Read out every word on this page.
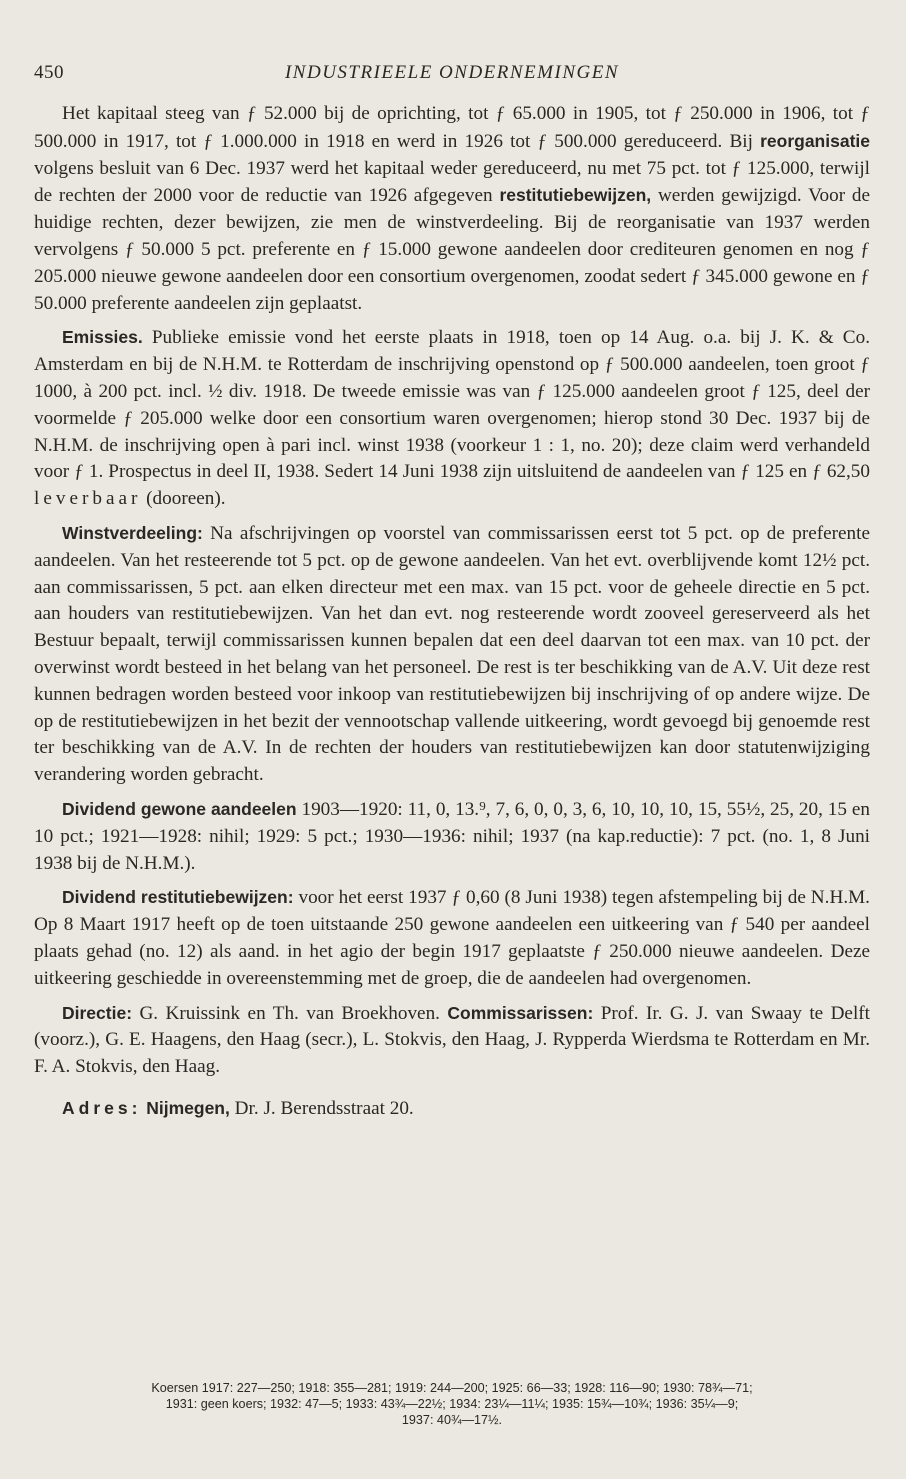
450	INDUSTRIEELE ONDERNEMINGEN

Het kapitaal steeg van ƒ 52.000 bij de oprichting, tot ƒ 65.000 in 1905, tot ƒ 250.000 in 1906, tot ƒ 500.000 in 1917, tot ƒ 1.000.000 in 1918 en werd in 1926 tot ƒ 500.000 gereduceerd. Bij reorganisatie volgens besluit van 6 Dec. 1937 werd het kapitaal weder gereduceerd, nu met 75 pct. tot ƒ 125.000, terwijl de rechten der 2000 voor de reductie van 1926 afgegeven restitutiebewijzen, werden gewijzigd. Voor de huidige rechten, dezer bewijzen, zie men de winstverdeeling. Bij de reorganisatie van 1937 werden vervolgens ƒ 50.000 5 pct. preferente en ƒ 15.000 gewone aandeelen door crediteuren genomen en nog ƒ 205.000 nieuwe gewone aandeelen door een consortium overgenomen, zoodat sedert ƒ 345.000 gewone en ƒ 50.000 preferente aandeelen zijn geplaatst.

Emissies. Publieke emissie vond het eerste plaats in 1918, toen op 14 Aug. o.a. bij J. K. & Co. Amsterdam en bij de N.H.M. te Rotterdam de inschrijving openstond op ƒ 500.000 aandeelen, toen groot ƒ 1000, à 200 pct. incl. ½ div. 1918. De tweede emissie was van ƒ 125.000 aandeelen groot ƒ 125, deel der voormelde ƒ 205.000 welke door een consortium waren overgenomen; hierop stond 30 Dec. 1937 bij de N.H.M. de inschrijving open à pari incl. winst 1938 (voorkeur 1 : 1, no. 20); deze claim werd verhandeld voor ƒ 1. Prospectus in deel II, 1938. Sedert 14 Juni 1938 zijn uitsluitend de aandeelen van ƒ 125 en ƒ 62,50 leverbaar (dooreen).

Winstverdeeling: Na afschrijvingen op voorstel van commissarissen eerst tot 5 pct. op de preferente aandeelen. Van het resteerende tot 5 pct. op de gewone aandeelen. Van het evt. overblijvende komt 12½ pct. aan commissarissen, 5 pct. aan elken directeur met een max. van 15 pct. voor de geheele directie en 5 pct. aan houders van restitutiebewijzen. Van het dan evt. nog resteerende wordt zooveel gereserveerd als het Bestuur bepaalt, terwijl commissarissen kunnen bepalen dat een deel daarvan tot een max. van 10 pct. der overwinst wordt besteed in het belang van het personeel. De rest is ter beschikking van de A.V. Uit deze rest kunnen bedragen worden besteed voor inkoop van restitutiebewijzen bij inschrijving of op andere wijze. De op de restitutiebewijzen in het bezit der vennootschap vallende uitkeering, wordt gevoegd bij genoemde rest ter beschikking van de A.V. In de rechten der houders van restitutiebewijzen kan door statutenwijziging verandering worden gebracht.

Dividend gewone aandeelen 1903—1920: 11, 0, 13.⁹, 7, 6, 0, 0, 3, 6, 10, 10, 10, 15, 55½, 25, 20, 15 en 10 pct.; 1921—1928: nihil; 1929: 5 pct.; 1930—1936: nihil; 1937 (na kap.reductie): 7 pct. (no. 1, 8 Juni 1938 bij de N.H.M.).

Dividend restitutiebewijzen: voor het eerst 1937 ƒ 0,60 (8 Juni 1938) tegen afstempeling bij de N.H.M. Op 8 Maart 1917 heeft op de toen uitstaande 250 gewone aandeelen een uitkeering van ƒ 540 per aandeel plaats gehad (no. 12) als aand. in het agio der begin 1917 geplaatste ƒ 250.000 nieuwe aandeelen. Deze uitkeering geschiedde in overeenstemming met de groep, die de aandeelen had overgenomen.

Directie: G. Kruissink en Th. van Broekhoven. Commissarissen: Prof. Ir. G. J. van Swaay te Delft (voorz.), G. E. Haagens, den Haag (secr.), L. Stokvis, den Haag, J. Rypperda Wierdsma te Rotterdam en Mr. F. A. Stokvis, den Haag.

Adres: Nijmegen, Dr. J. Berendsstraat 20.

Koersen 1917: 227—250; 1918: 355—281; 1919: 244—200; 1925: 66—33; 1928: 116—90; 1930: 78¾—71;
1931: geen koers; 1932: 47—5; 1933: 43¾—22½; 1934: 23¼—11¼; 1935: 15¾—10¾; 1936: 35¼—9;
1937: 40¾—17½.
